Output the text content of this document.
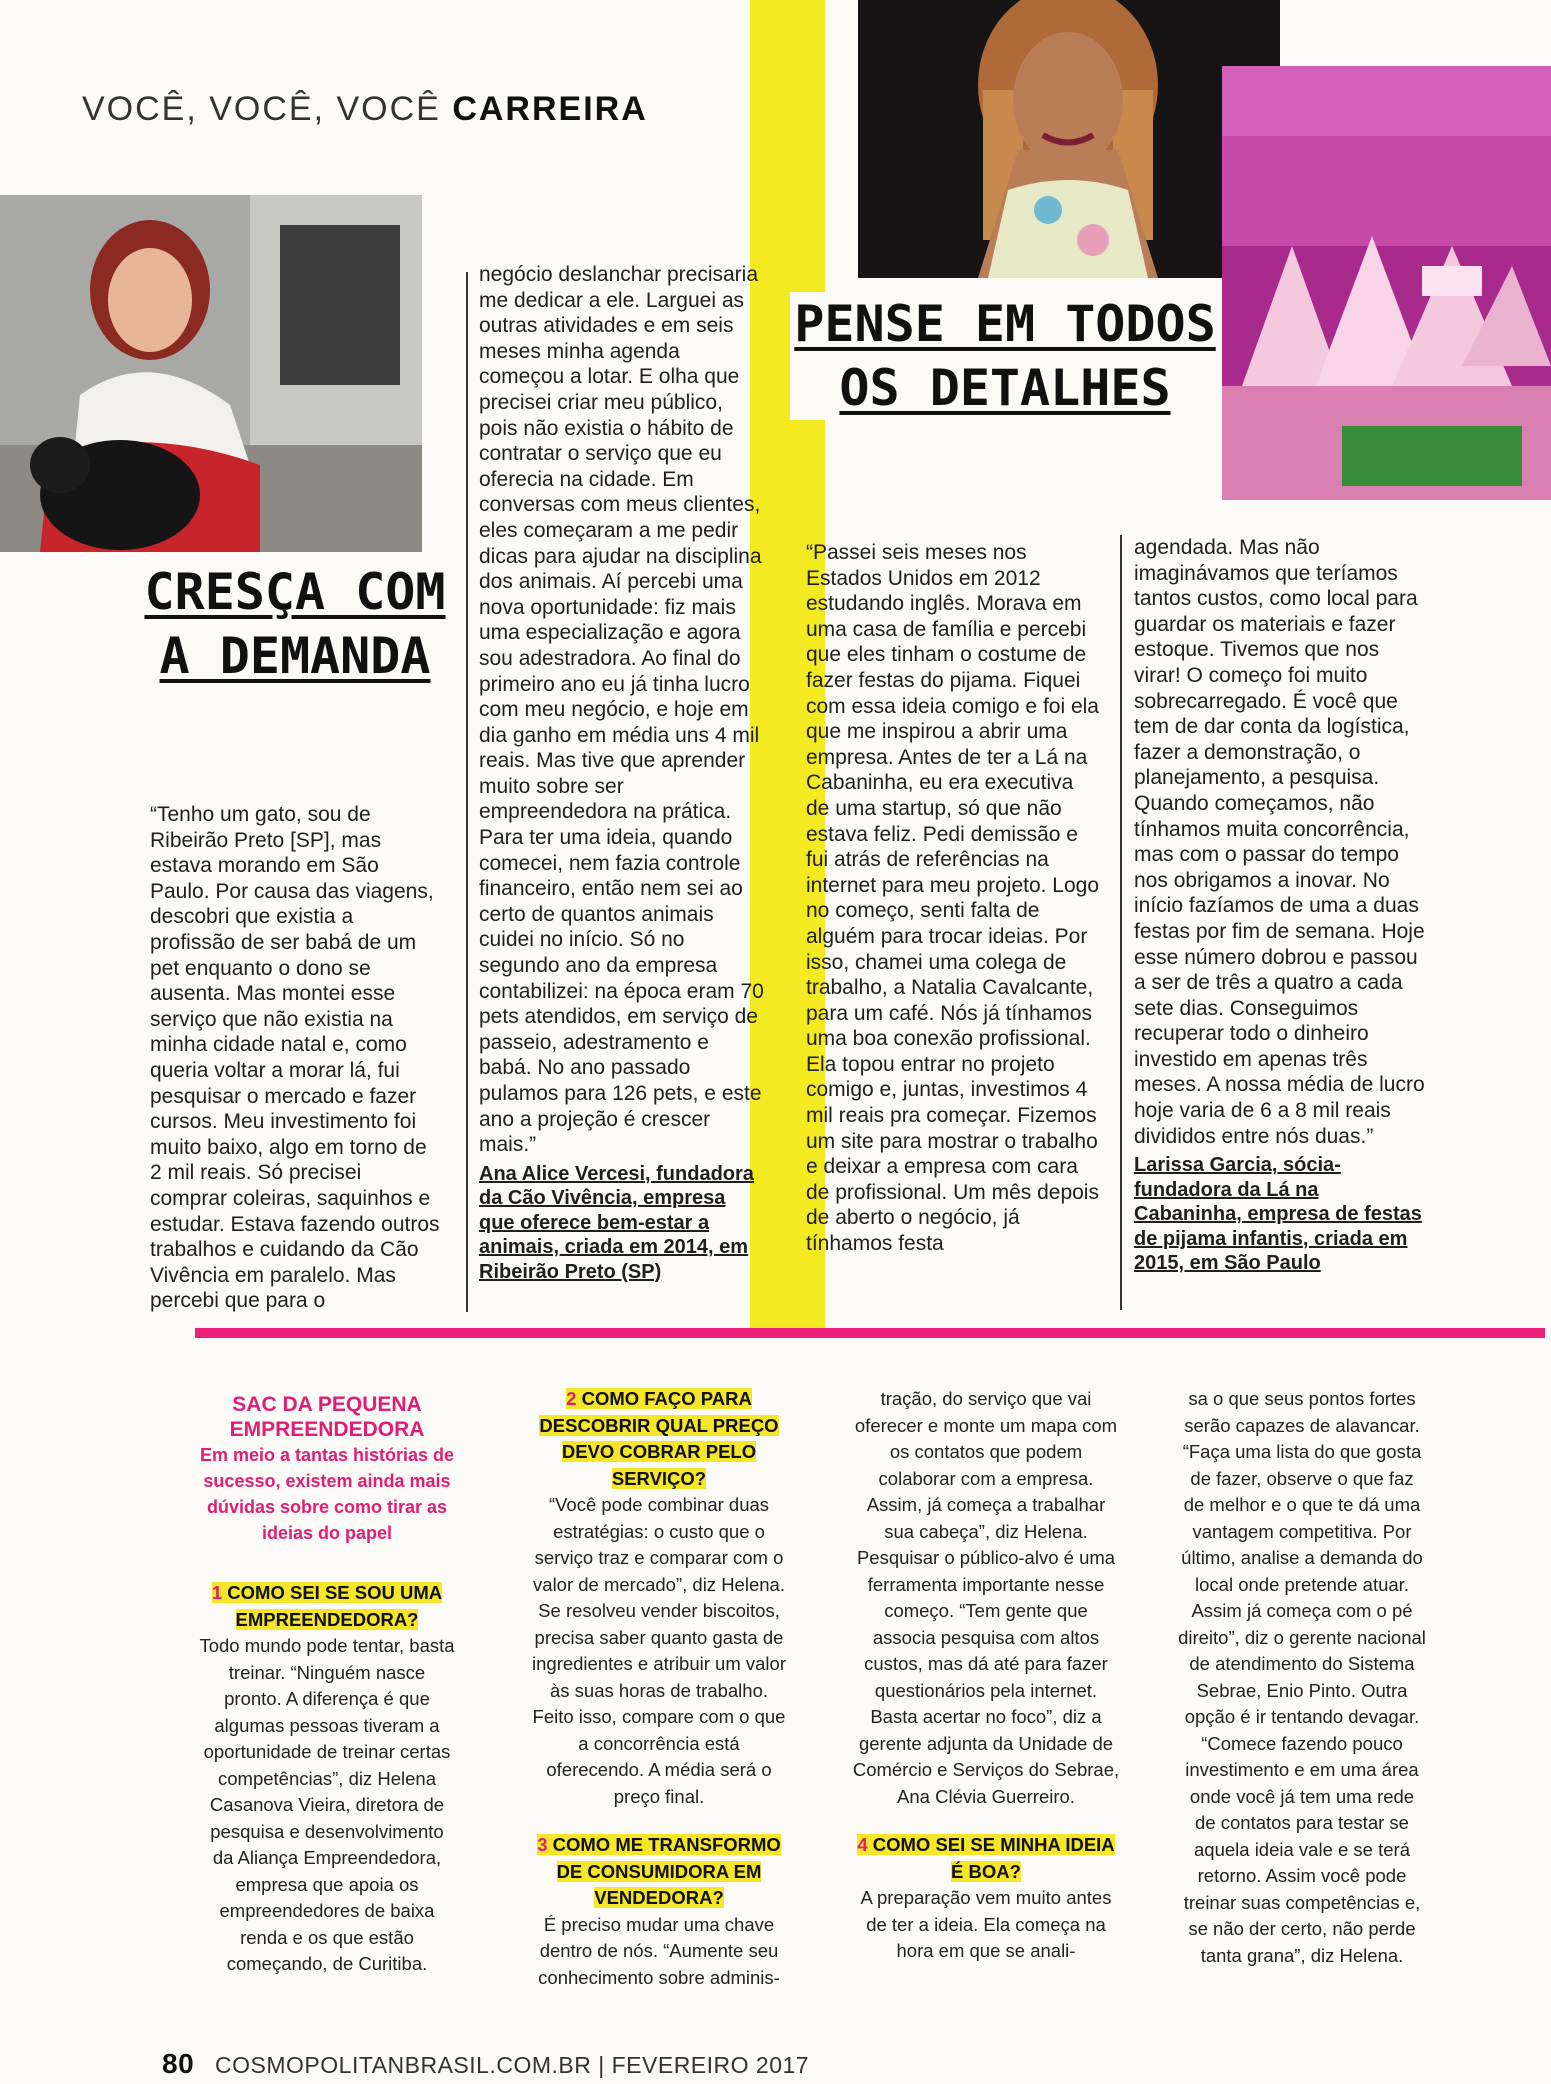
VOCÊ, VOCÊ, VOCÊ CARREIRA
CRESÇA COM A DEMANDA
PENSE EM TODOS OS DETALHES

“Tenho um gato, sou de Ribeirão Preto [SP], mas estava morando em São Paulo. Por causa das viagens, descobri que existia a profissão de ser babá de um pet enquanto o dono se ausenta. Mas montei esse serviço que não existia na minha cidade natal e, como queria voltar a morar lá, fui pesquisar o mercado e fazer cursos. Meu investimento foi muito baixo, algo em torno de 2 mil reais. Só precisei comprar coleiras, saquinhos e estudar. Estava fazendo outros trabalhos e cuidando da Cão Vivência em paralelo. Mas percebi que para o

negócio deslanchar precisaria me dedicar a ele. Larguei as outras atividades e em seis meses minha agenda começou a lotar. E olha que precisei criar meu público, pois não existia o hábito de contratar o serviço que eu oferecia na cidade. Em conversas com meus clientes, eles começaram a me pedir dicas para ajudar na disciplina dos animais. Aí percebi uma nova oportunidade: fiz mais uma especialização e agora sou adestradora. Ao final do primeiro ano eu já tinha lucro com meu negócio, e hoje em dia ganho em média uns 4 mil reais. Mas tive que aprender muito sobre ser empreendedora na prática. Para ter uma ideia, quando comecei, nem fazia controle financeiro, então nem sei ao certo de quantos animais cuidei no início. Só no segundo ano da empresa contabilizei: na época eram 70 pets atendidos, em serviço de passeio, adestramento e babá. No ano passado pulamos para 126 pets, e este ano a projeção é crescer mais.”

Ana Alice Vercesi, fundadora da Cão Vivência, empresa que oferece bem-estar a animais, criada em 2014, em Ribeirão Preto (SP)

“Passei seis meses nos Estados Unidos em 2012 estudando inglês. Morava em uma casa de família e percebi que eles tinham o costume de fazer festas do pijama. Fiquei com essa ideia comigo e foi ela que me inspirou a abrir uma empresa. Antes de ter a Lá na Cabaninha, eu era executiva de uma startup, só que não estava feliz. Pedi demissão e fui atrás de referências na internet para meu projeto. Logo no começo, senti falta de alguém para trocar ideias. Por isso, chamei uma colega de trabalho, a Natalia Cavalcante, para um café. Nós já tínhamos uma boa conexão profissional. Ela topou entrar no projeto comigo e, juntas, investimos 4 mil reais pra começar. Fizemos um site para mostrar o trabalho e deixar a empresa com cara de profissional. Um mês depois de aberto o negócio, já tínhamos festa

agendada. Mas não imaginávamos que teríamos tantos custos, como local para guardar os materiais e fazer estoque. Tivemos que nos virar! O começo foi muito sobrecarregado. É você que tem de dar conta da logística, fazer a demonstração, o planejamento, a pesquisa. Quando começamos, não tínhamos muita concorrência, mas com o passar do tempo nos obrigamos a inovar. No início fazíamos de uma a duas festas por fim de semana. Hoje esse número dobrou e passou a ser de três a quatro a cada sete dias. Conseguimos recuperar todo o dinheiro investido em apenas três meses. A nossa média de lucro hoje varia de 6 a 8 mil reais divididos entre nós duas.”

Larissa Garcia, sócia-fundadora da Lá na Cabaninha, empresa de festas de pijama infantis, criada em 2015, em São Paulo
SAC DA PEQUENA EMPREENDEDORA
Em meio a tantas histórias de sucesso, existem ainda mais dúvidas sobre como tirar as ideias do papel
1 COMO SEI SE SOU UMA EMPREENDEDORA?

Todo mundo pode tentar, basta treinar. “Ninguém nasce pronto. A diferença é que algumas pessoas tiveram a oportunidade de treinar certas competências”, diz Helena Casanova Vieira, diretora de pesquisa e desenvolvimento da Aliança Empreendedora, empresa que apoia os empreendedores de baixa renda e os que estão começando, de Curitiba.

2 COMO FAÇO PARA DESCOBRIR QUAL PREÇO DEVO COBRAR PELO SERVIÇO?

“Você pode combinar duas estratégias: o custo que o serviço traz e comparar com o valor de mercado”, diz Helena. Se resolveu vender biscoitos, precisa saber quanto gasta de ingredientes e atribuir um valor às suas horas de trabalho. Feito isso, compare com o que a concorrência está oferecendo. A média será o preço final.

3 COMO ME TRANSFORMO DE CONSUMIDORA EM VENDEDORA?

É preciso mudar uma chave dentro de nós. “Aumente seu conhecimento sobre adminis-

tração, do serviço que vai oferecer e monte um mapa com os contatos que podem colaborar com a empresa. Assim, já começa a trabalhar sua cabeça”, diz Helena. Pesquisar o público-alvo é uma ferramenta importante nesse começo. “Tem gente que associa pesquisa com altos custos, mas dá até para fazer questionários pela internet. Basta acertar no foco”, diz a gerente adjunta da Unidade de Comércio e Serviços do Sebrae, Ana Clévia Guerreiro.

4 COMO SEI SE MINHA IDEIA É BOA?

A preparação vem muito antes de ter a ideia. Ela começa na hora em que se anali-

sa o que seus pontos fortes serão capazes de alavancar. “Faça uma lista do que gosta de fazer, observe o que faz de melhor e o que te dá uma vantagem competitiva. Por último, analise a demanda do local onde pretende atuar. Assim já começa com o pé direito”, diz o gerente nacional de atendimento do Sistema Sebrae, Enio Pinto. Outra opção é ir tentando devagar. “Comece fazendo pouco investimento e em uma área onde você já tem uma rede de contatos para testar se aquela ideia vale e se terá retorno. Assim você pode treinar suas competências e, se não der certo, não perde tanta grana”, diz Helena.

80 COSMOPOLITANBRASIL.COM.BR | FEVEREIRO 2017
